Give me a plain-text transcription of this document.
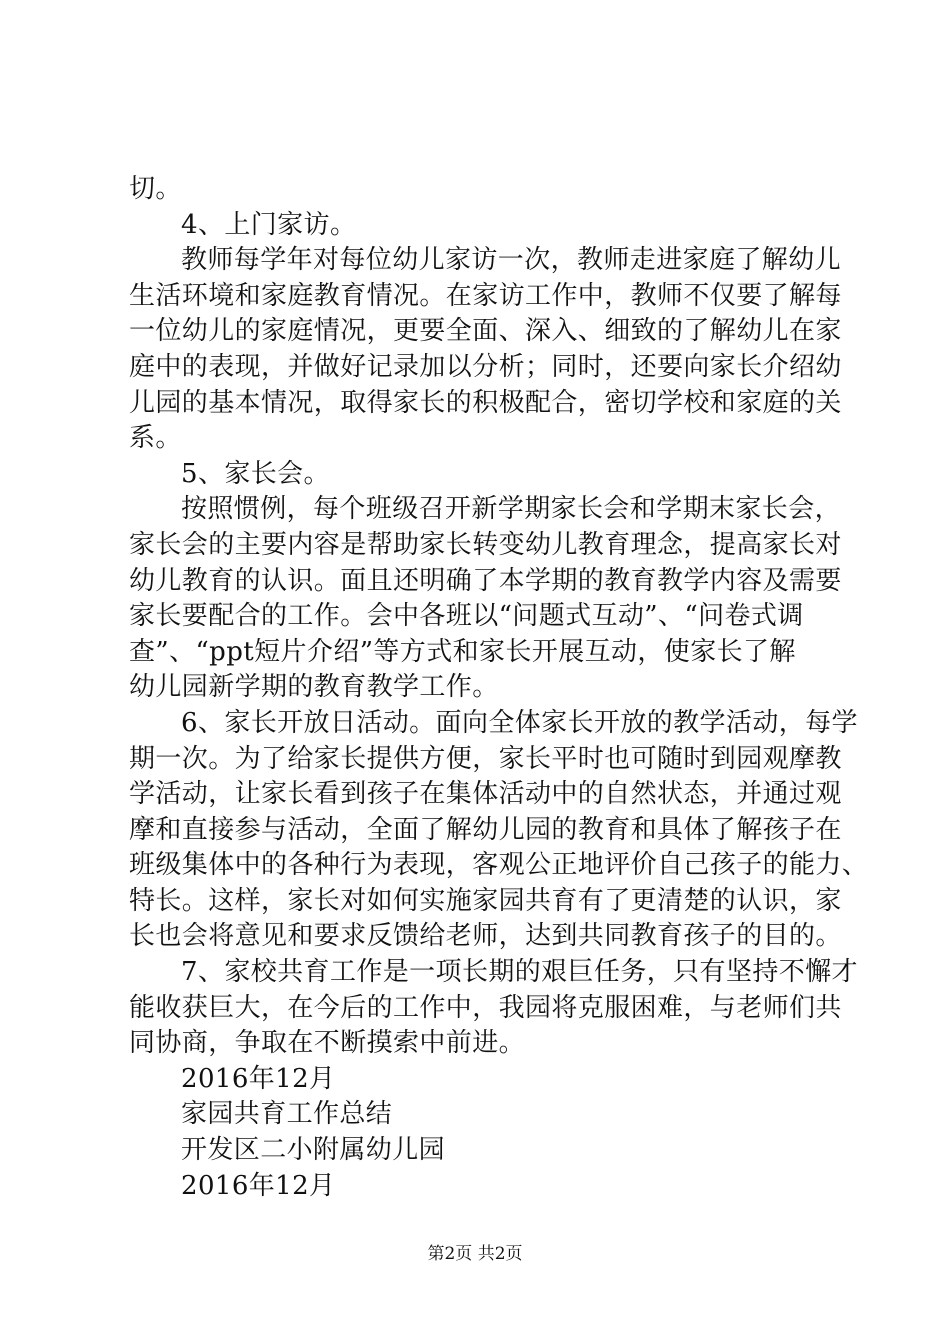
切。
4、上门家访。
教师每学年对每位幼儿家访一次，教师走进家庭了解幼儿
生活环境和家庭教育情况。在家访工作中，教师不仅要了解每
一位幼儿的家庭情况，更要全面、深入、细致的了解幼儿在家
庭中的表现，并做好记录加以分析；同时，还要向家长介绍幼
儿园的基本情况，取得家长的积极配合，密切学校和家庭的关
系。
5、家长会。
按照惯例，每个班级召开新学期家长会和学期末家长会，
家长会的主要内容是帮助家长转变幼儿教育理念，提高家长对
幼儿教育的认识。面且还明确了本学期的教育教学内容及需要
家长要配合的工作。会中各班以“问题式互动”、“问卷式调
查”、“ppt短片介绍”等方式和家长开展互动，使家长了解
幼儿园新学期的教育教学工作。
6、家长开放日活动。面向全体家长开放的教学活动，每学
期一次。为了给家长提供方便，家长平时也可随时到园观摩教
学活动，让家长看到孩子在集体活动中的自然状态，并通过观
摩和直接参与活动，全面了解幼儿园的教育和具体了解孩子在
班级集体中的各种行为表现，客观公正地评价自己孩子的能力、
特长。这样，家长对如何实施家园共育有了更清楚的认识，家
长也会将意见和要求反馈给老师，达到共同教育孩子的目的。
7、家校共育工作是一项长期的艰巨任务，只有坚持不懈才
能收获巨大，在今后的工作中，我园将克服困难，与老师们共
同协商，争取在不断摸索中前进。
2016年12月
家园共育工作总结
开发区二小附属幼儿园
2016年12月
第2页 共2页
